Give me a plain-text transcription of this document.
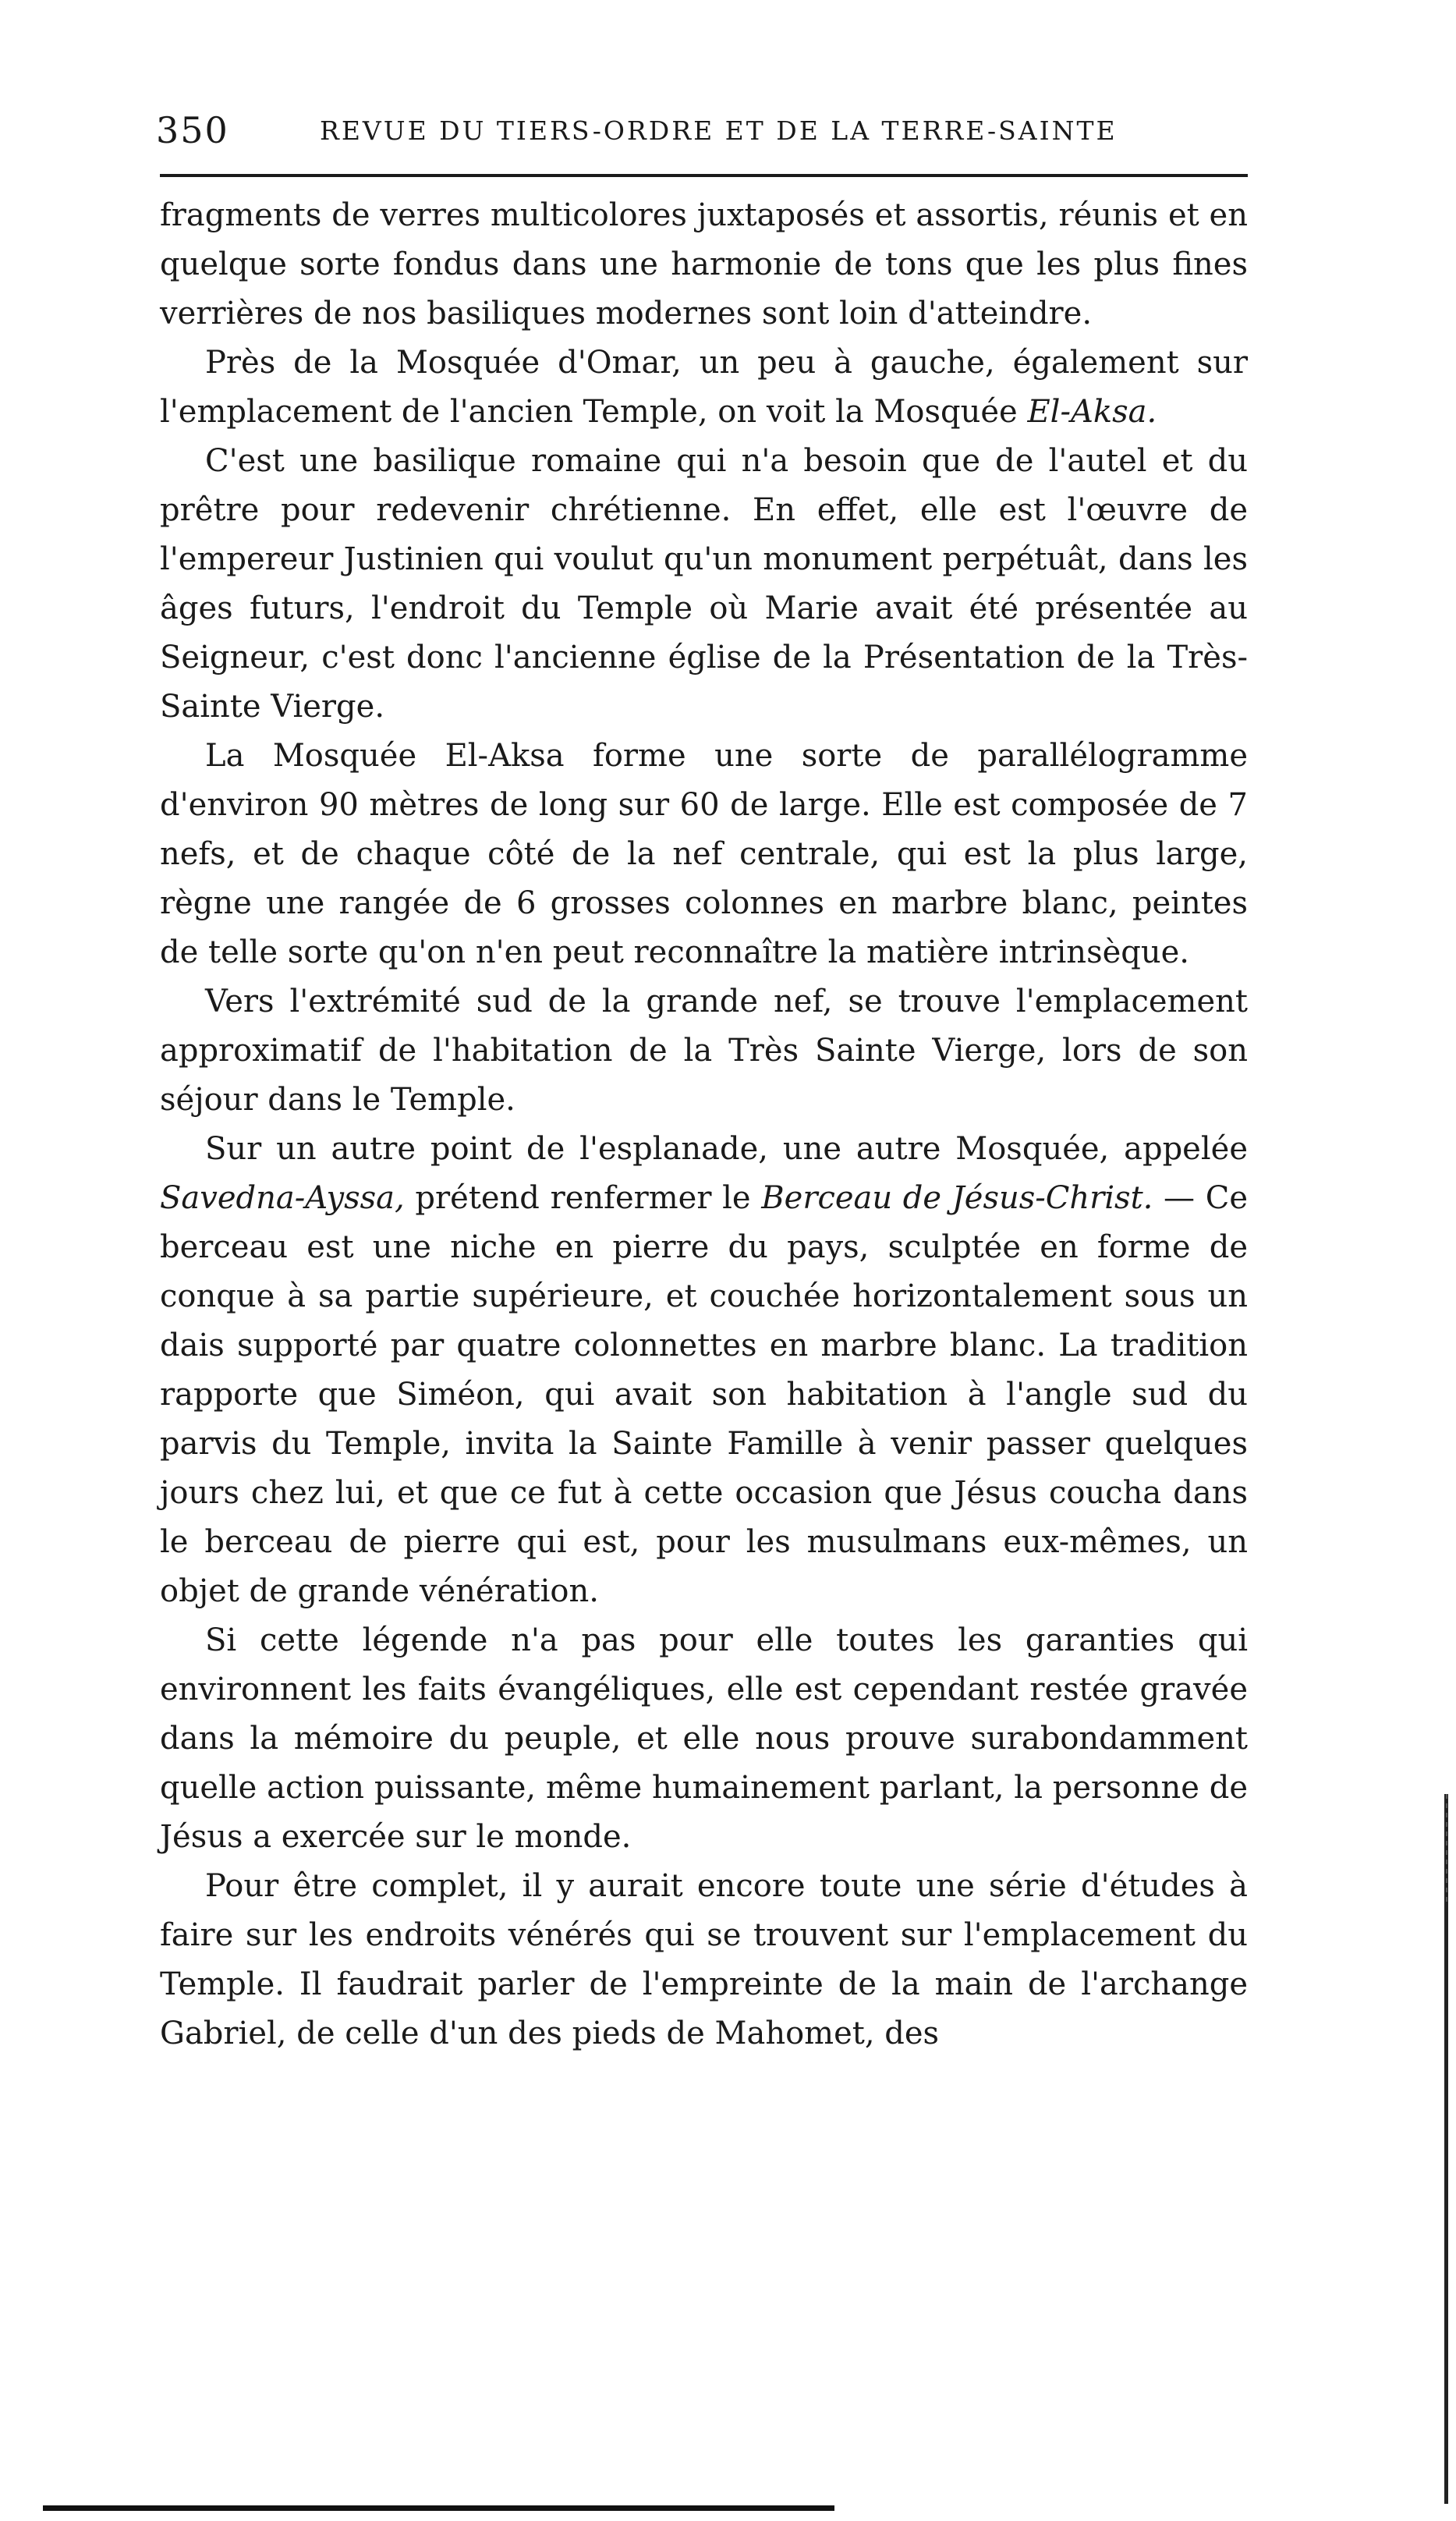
350	REVUE DU TIERS-ORDRE ET DE LA TERRE-SAINTE

fragments de verres multicolores juxtaposés et assortis, réunis et en quelque sorte fondus dans une harmonie de tons que les plus fines verrières de nos basiliques modernes sont loin d'atteindre.

Près de la Mosquée d'Omar, un peu à gauche, également sur l'emplacement de l'ancien Temple, on voit la Mosquée El-Aksa.

C'est une basilique romaine qui n'a besoin que de l'autel et du prêtre pour redevenir chrétienne. En effet, elle est l'œuvre de l'empereur Justinien qui voulut qu'un monument perpétuât, dans les âges futurs, l'endroit du Temple où Marie avait été présentée au Seigneur, c'est donc l'ancienne église de la Présentation de la Très-Sainte Vierge.

La Mosquée El-Aksa forme une sorte de parallélogramme d'environ 90 mètres de long sur 60 de large. Elle est composée de 7 nefs, et de chaque côté de la nef centrale, qui est la plus large, règne une rangée de 6 grosses colonnes en marbre blanc, peintes de telle sorte qu'on n'en peut reconnaître la matière intrinsèque.

Vers l'extrémité sud de la grande nef, se trouve l'emplacement approximatif de l'habitation de la Très Sainte Vierge, lors de son séjour dans le Temple.

Sur un autre point de l'esplanade, une autre Mosquée, appelée Savedna-Ayssa, prétend renfermer le Berceau de Jésus-Christ. — Ce berceau est une niche en pierre du pays, sculptée en forme de conque à sa partie supérieure, et couchée horizontalement sous un dais supporté par quatre colonnettes en marbre blanc. La tradition rapporte que Siméon, qui avait son habitation à l'angle sud du parvis du Temple, invita la Sainte Famille à venir passer quelques jours chez lui, et que ce fut à cette occasion que Jésus coucha dans le berceau de pierre qui est, pour les musulmans eux-mêmes, un objet de grande vénération.

Si cette légende n'a pas pour elle toutes les garanties qui environnent les faits évangéliques, elle est cependant restée gravée dans la mémoire du peuple, et elle nous prouve surabondamment quelle action puissante, même humainement parlant, la personne de Jésus a exercée sur le monde.

Pour être complet, il y aurait encore toute une série d'études à faire sur les endroits vénérés qui se trouvent sur l'emplacement du Temple. Il faudrait parler de l'empreinte de la main de l'archange Gabriel, de celle d'un des pieds de Mahomet, des
